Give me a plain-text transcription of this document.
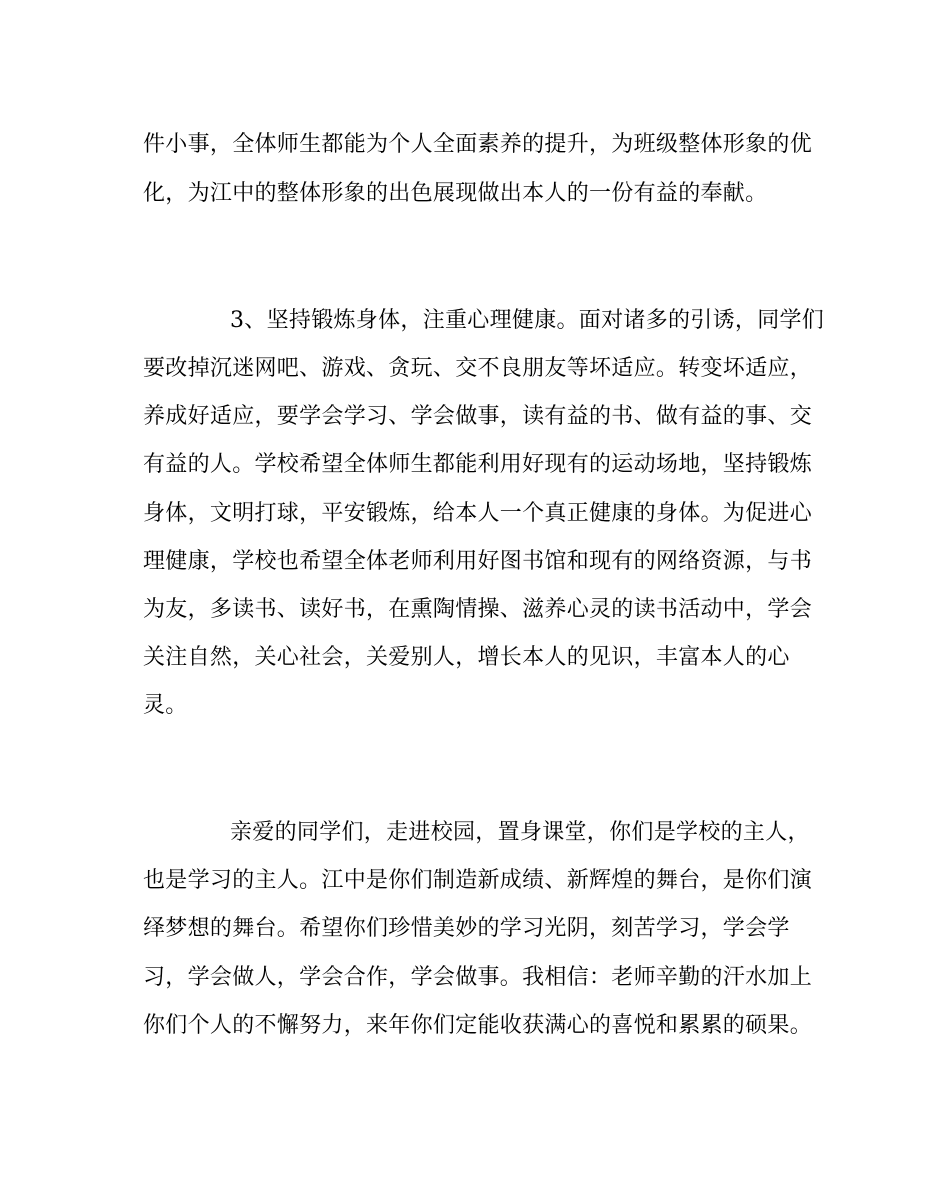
件小事，全体师生都能为个人全面素养的提升，为班级整体形象的优
化，为江中的整体形象的出色展现做出本人的一份有益的奉献。
3、坚持锻炼身体，注重心理健康。面对诸多的引诱，同学们
要改掉沉迷网吧、游戏、贪玩、交不良朋友等坏适应。转变坏适应，
养成好适应，要学会学习、学会做事，读有益的书、做有益的事、交
有益的人。学校希望全体师生都能利用好现有的运动场地，坚持锻炼
身体，文明打球，平安锻炼，给本人一个真正健康的身体。为促进心
理健康，学校也希望全体老师利用好图书馆和现有的网络资源，与书
为友，多读书、读好书，在熏陶情操、滋养心灵的读书活动中，学会
关注自然，关心社会，关爱别人，增长本人的见识，丰富本人的心
灵。
亲爱的同学们，走进校园，置身课堂，你们是学校的主人，
也是学习的主人。江中是你们制造新成绩、新辉煌的舞台，是你们演
绎梦想的舞台。希望你们珍惜美妙的学习光阴，刻苦学习，学会学
习，学会做人，学会合作，学会做事。我相信：老师辛勤的汗水加上
你们个人的不懈努力，来年你们定能收获满心的喜悦和累累的硕果。
